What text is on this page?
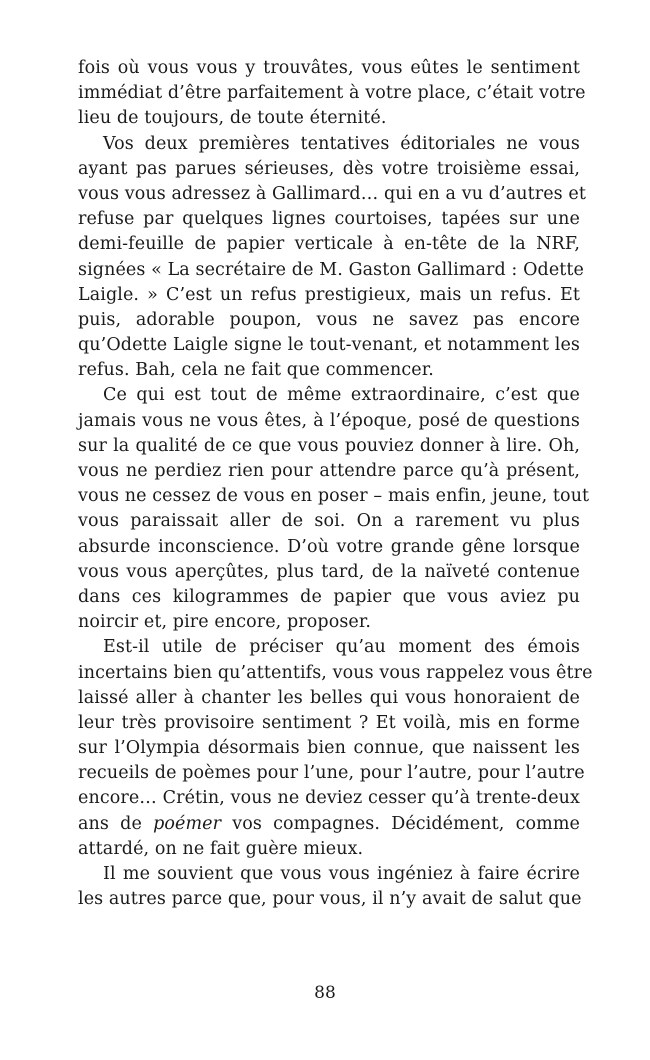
fois où vous vous y trouvâtes, vous eûtes le sentiment
immédiat d’être parfaitement à votre place, c’était votre
lieu de toujours, de toute éternité.
Vos deux premières tentatives éditoriales ne vous
ayant pas parues sérieuses, dès votre troisième essai,
vous vous adressez à Gallimard… qui en a vu d’autres et
refuse par quelques lignes courtoises, tapées sur une
demi-feuille de papier verticale à en-tête de la NRF,
signées « La secrétaire de M. Gaston Gallimard : Odette
Laigle. » C’est un refus prestigieux, mais un refus. Et
puis, adorable poupon, vous ne savez pas encore
qu’Odette Laigle signe le tout-venant, et notamment les
refus. Bah, cela ne fait que commencer.
Ce qui est tout de même extraordinaire, c’est que
jamais vous ne vous êtes, à l’époque, posé de questions
sur la qualité de ce que vous pouviez donner à lire. Oh,
vous ne perdiez rien pour attendre parce qu’à présent,
vous ne cessez de vous en poser – mais enfin, jeune, tout
vous paraissait aller de soi. On a rarement vu plus
absurde inconscience. D’où votre grande gêne lorsque
vous vous aperçûtes, plus tard, de la naïveté contenue
dans ces kilogrammes de papier que vous aviez pu
noircir et, pire encore, proposer.
Est-il utile de préciser qu’au moment des émois
incertains bien qu’attentifs, vous vous rappelez vous être
laissé aller à chanter les belles qui vous honoraient de
leur très provisoire sentiment ? Et voilà, mis en forme
sur l’Olympia désormais bien connue, que naissent les
recueils de poèmes pour l’une, pour l’autre, pour l’autre
encore… Crétin, vous ne deviez cesser qu’à trente-deux
ans de poémer vos compagnes. Décidément, comme
attardé, on ne fait guère mieux.
Il me souvient que vous vous ingéniez à faire écrire
les autres parce que, pour vous, il n’y avait de salut que
88
